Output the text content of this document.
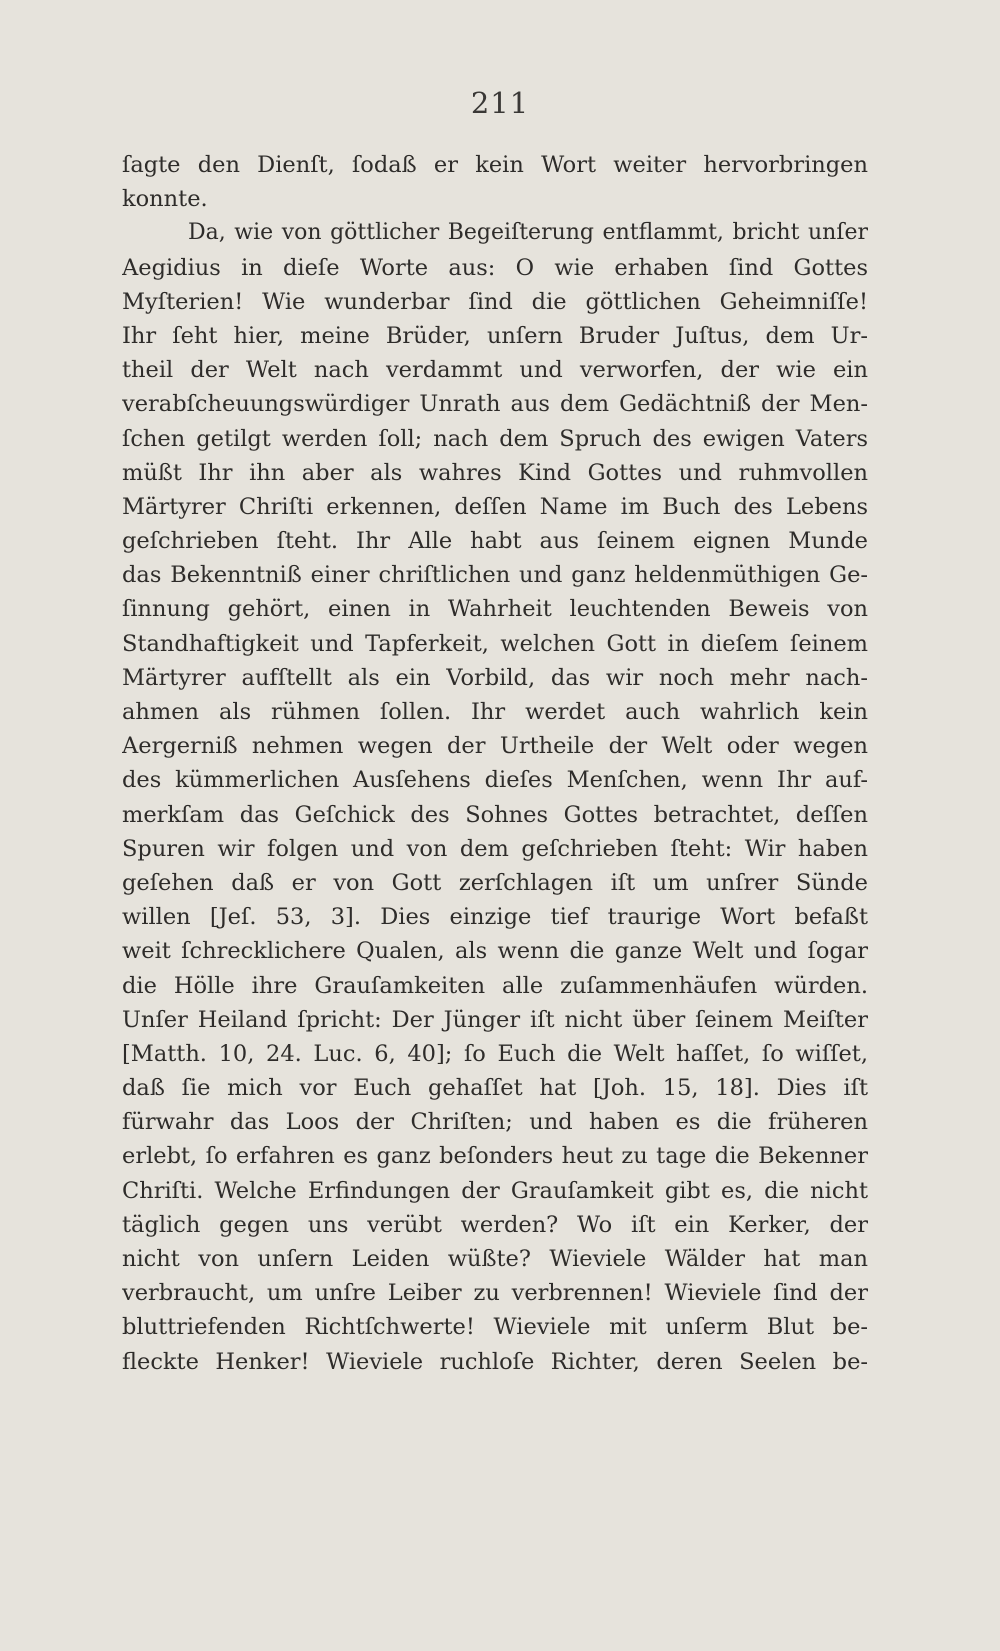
211
ſagte den Dienſt, ſodaß er kein Wort weiter hervorbringen
konnte.
Da, wie von göttlicher Begeiſterung entflammt, bricht unſer
Aegidius in dieſe Worte aus: O wie erhaben ſind Gottes
Myſterien! Wie wunderbar ſind die göttlichen Geheimniſſe!
Ihr ſeht hier, meine Brüder, unſern Bruder Juſtus, dem Ur-
theil der Welt nach verdammt und verworfen, der wie ein
verabſcheuungswürdiger Unrath aus dem Gedächtniß der Men-
ſchen getilgt werden ſoll; nach dem Spruch des ewigen Vaters
müßt Ihr ihn aber als wahres Kind Gottes und ruhmvollen
Märtyrer Chriſti erkennen, deſſen Name im Buch des Lebens
geſchrieben ſteht. Ihr Alle habt aus ſeinem eignen Munde
das Bekenntniß einer chriſtlichen und ganz heldenmüthigen Ge-
ſinnung gehört, einen in Wahrheit leuchtenden Beweis von
Standhaftigkeit und Tapferkeit, welchen Gott in dieſem ſeinem
Märtyrer aufſtellt als ein Vorbild, das wir noch mehr nach-
ahmen als rühmen ſollen. Ihr werdet auch wahrlich kein
Aergerniß nehmen wegen der Urtheile der Welt oder wegen
des kümmerlichen Ausſehens dieſes Menſchen, wenn Ihr auf-
merkſam das Geſchick des Sohnes Gottes betrachtet, deſſen
Spuren wir folgen und von dem geſchrieben ſteht: Wir haben
geſehen daß er von Gott zerſchlagen iſt um unſrer Sünde
willen [Jeſ. 53, 3]. Dies einzige tief traurige Wort befaßt
weit ſchrecklichere Qualen, als wenn die ganze Welt und ſogar
die Hölle ihre Grauſamkeiten alle zuſammenhäufen würden.
Unſer Heiland ſpricht: Der Jünger iſt nicht über ſeinem Meiſter
[Matth. 10, 24. Luc. 6, 40]; ſo Euch die Welt haſſet, ſo wiſſet,
daß ſie mich vor Euch gehaſſet hat [Joh. 15, 18]. Dies iſt
fürwahr das Loos der Chriſten; und haben es die früheren
erlebt, ſo erfahren es ganz beſonders heut zu tage die Bekenner
Chriſti. Welche Erfindungen der Grauſamkeit gibt es, die nicht
täglich gegen uns verübt werden? Wo iſt ein Kerker, der
nicht von unſern Leiden wüßte? Wieviele Wälder hat man
verbraucht, um unſre Leiber zu verbrennen! Wieviele ſind der
bluttriefenden Richtſchwerte! Wieviele mit unſerm Blut be-
fleckte Henker! Wieviele ruchloſe Richter, deren Seelen be-
